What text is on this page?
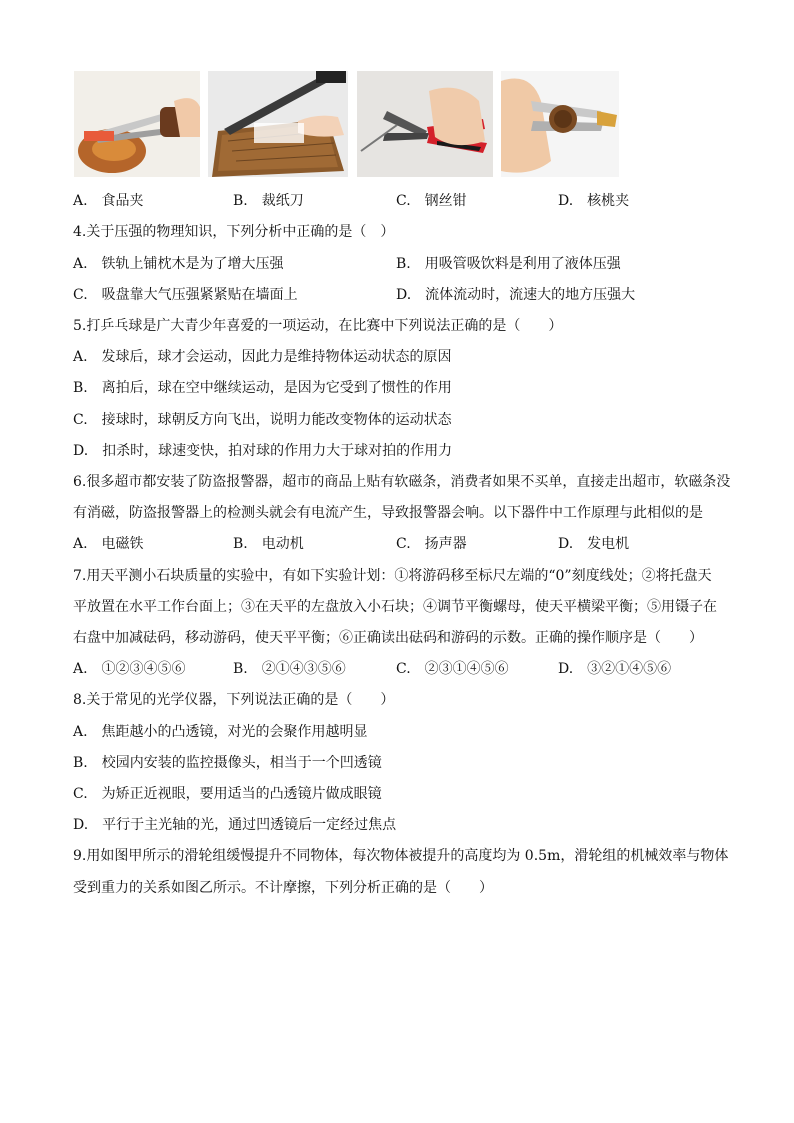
A.　食品夹	B.　裁纸刀	C.　钢丝钳	D.　核桃夹
4.关于压强的物理知识，下列分析中正确的是（　）
A.　铁轨上铺枕木是为了增大压强	B.　用吸管吸饮料是利用了液体压强
C.　吸盘靠大气压强紧紧贴在墙面上	D.　流体流动时，流速大的地方压强大
5.打乒乓球是广大青少年喜爱的一项运动，在比赛中下列说法正确的是（　　）
A.　发球后，球才会运动，因此力是维持物体运动状态的原因
B.　离拍后，球在空中继续运动，是因为它受到了惯性的作用
C.　接球时，球朝反方向飞出，说明力能改变物体的运动状态
D.　扣杀时，球速变快，拍对球的作用力大于球对拍的作用力
6.很多超市都安装了防盗报警器，超市的商品上贴有软磁条，消费者如果不买单，直接走出超市，软磁条没
有消磁，防盗报警器上的检测头就会有电流产生，导致报警器会响。以下器件中工作原理与此相似的是
A.　电磁铁	B.　电动机	C.　扬声器	D.　发电机
7.用天平测小石块质量的实验中，有如下实验计划：①将游码移至标尺左端的“0”刻度线处；②将托盘天
平放置在水平工作台面上；③在天平的左盘放入小石块；④调节平衡螺母，使天平横梁平衡；⑤用镊子在
右盘中加减砝码，移动游码，使天平平衡；⑥正确读出砝码和游码的示数。正确的操作顺序是（　　）
A.　①②③④⑤⑥	B.　②①④③⑤⑥	C.　②③①④⑤⑥	D.　③②①④⑤⑥
8.关于常见的光学仪器，下列说法正确的是（　　）
A.　焦距越小的凸透镜，对光的会聚作用越明显
B.　校园内安装的监控摄像头，相当于一个凹透镜
C.　为矫正近视眼，要用适当的凸透镜片做成眼镜
D.　平行于主光轴的光，通过凹透镜后一定经过焦点
9.用如图甲所示的滑轮组缓慢提升不同物体，每次物体被提升的高度均为 0.5m，滑轮组的机械效率与物体
受到重力的关系如图乙所示。不计摩擦，下列分析正确的是（　　）
